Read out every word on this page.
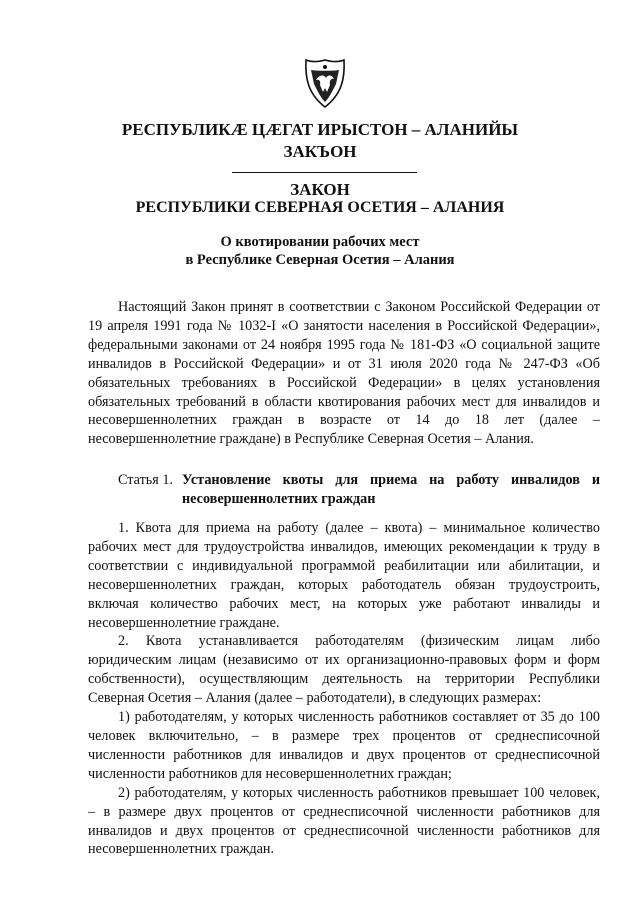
РЕСПУБЛИКӔ ЦӔГАТ ИРЫСТОН – АЛАНИЙЫ
ЗАКЪОН
ЗАКОН
РЕСПУБЛИКИ СЕВЕРНАЯ ОСЕТИЯ – АЛАНИЯ
О квотировании рабочих мест
в Республике Северная Осетия – Алания

Настоящий Закон принят в соответствии с Законом Российской Федерации от 19 апреля 1991 года № 1032-I «О занятости населения в Российской Федерации», федеральными законами от 24 ноября 1995 года № 181-ФЗ «О социальной защите инвалидов в Российской Федерации» и от 31 июля 2020 года № 247-ФЗ «Об обязательных требованиях в Российской Федерации» в целях установления обязательных требований в области квотирования рабочих мест для инвалидов и несовершеннолетних граждан в возрасте от 14 до 18 лет (далее – несовершеннолетние граждане) в Республике Северная Осетия – Алания.

Статья 1. Установление квоты для приема на работу инвалидов и несовершеннолетних граждан

1. Квота для приема на работу (далее – квота) – минимальное количество рабочих мест для трудоустройства инвалидов, имеющих рекомендации к труду в соответствии с индивидуальной программой реабилитации или абилитации, и несовершеннолетних граждан, которых работодатель обязан трудоустроить, включая количество рабочих мест, на которых уже работают инвалиды и несовершеннолетние граждане.

2. Квота устанавливается работодателям (физическим лицам либо юридическим лицам (независимо от их организационно-правовых форм и форм собственности), осуществляющим деятельность на территории Республики Северная Осетия – Алания (далее – работодатели), в следующих размерах:

1) работодателям, у которых численность работников составляет от 35 до 100 человек включительно, – в размере трех процентов от среднесписочной численности работников для инвалидов и двух процентов от среднесписочной численности работников для несовершеннолетних граждан;

2) работодателям, у которых численность работников превышает 100 человек, – в размере двух процентов от среднесписочной численности работников для инвалидов и двух процентов от среднесписочной численности работников для несовершеннолетних граждан.
